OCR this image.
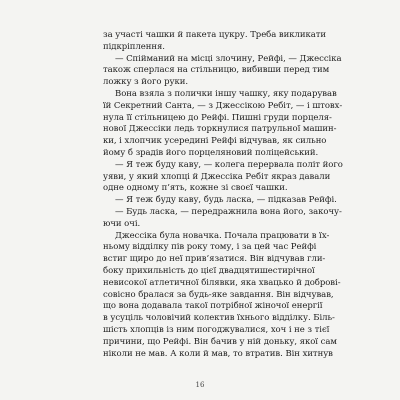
за участі чашки й пакета цукру. Треба викликати
підкріплення.
— Спійманий на місці злочину, Рейфі, — Джессіка
також сперлася на стільницю, вибивши перед тим
ложку з його руки.
Вона взяла з полички іншу чашку, яку подарував
їй Секретний Санта, — з Джессікою Ребіт, — і штовх-
нула її стільницею до Рейфі. Пишні груди порцеля-
нової Джессіки ледь торкнулися патрульної машин-
ки, і хлопчик усередині Рейфі відчував, як сильно
йому б зрадів його порцеляновий поліцейський.
— Я теж буду каву, — колега перервала політ його
уяви, у який хлопці й Джессіка Ребіт якраз давали
одне одному п’ять, кожне зі своєї чашки.
— Я теж буду каву, будь ласка, — підказав Рейфі.
— Будь ласка, — передражнила вона його, закочу-
ючи очі.
Джессіка була новачка. Почала працювати в їх-
ньому відділку пів року тому, і за цей час Рейфі
встиг щиро до неї прив’язатися. Він відчував гли-
боку прихильність до цієї двадцятишестирічної
невисокої атлетичної білявки, яка хвацько й доброві-
совісно бралася за будь-яке завдання. Він відчував,
що вона додавала такої потрібної жіночої енергії
в усуціль чоловічий колектив їхнього відділку. Біль-
шість хлопців із ним погоджувалися, хоч і не з тієї
причини, що Рейфі. Він бачив у ній доньку, якої сам
ніколи не мав. А коли й мав, то втратив. Він хитнув
16
